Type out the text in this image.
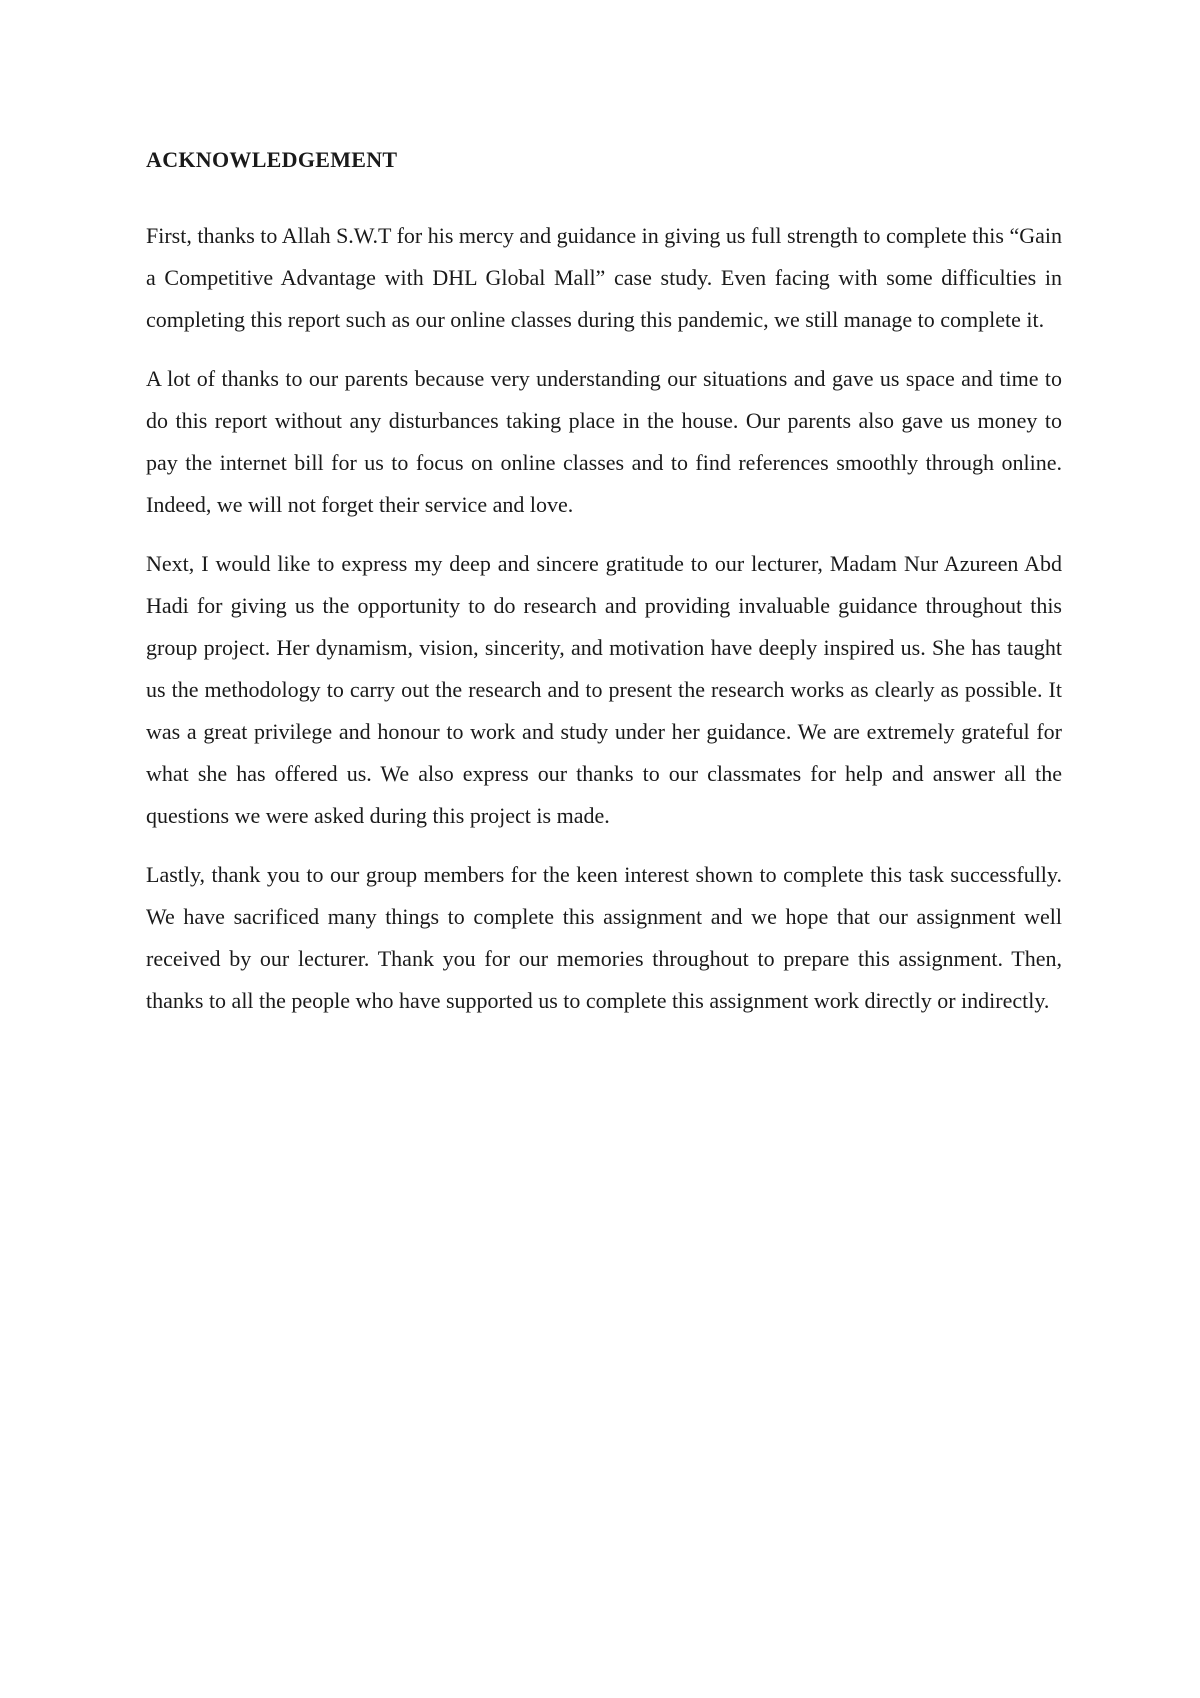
ACKNOWLEDGEMENT

First, thanks to Allah S.W.T for his mercy and guidance in giving us full strength to complete this “Gain a Competitive Advantage with DHL Global Mall” case study. Even facing with some difficulties in completing this report such as our online classes during this pandemic, we still manage to complete it.

A lot of thanks to our parents because very understanding our situations and gave us space and time to do this report without any disturbances taking place in the house. Our parents also gave us money to pay the internet bill for us to focus on online classes and to find references smoothly through online. Indeed, we will not forget their service and love.

Next, I would like to express my deep and sincere gratitude to our lecturer, Madam Nur Azureen Abd Hadi for giving us the opportunity to do research and providing invaluable guidance throughout this group project. Her dynamism, vision, sincerity, and motivation have deeply inspired us. She has taught us the methodology to carry out the research and to present the research works as clearly as possible. It was a great privilege and honour to work and study under her guidance. We are extremely grateful for what she has offered us. We also express our thanks to our classmates for help and answer all the questions we were asked during this project is made.

Lastly, thank you to our group members for the keen interest shown to complete this task successfully. We have sacrificed many things to complete this assignment and we hope that our assignment well received by our lecturer. Thank you for our memories throughout to prepare this assignment. Then, thanks to all the people who have supported us to complete this assignment work directly or indirectly.
